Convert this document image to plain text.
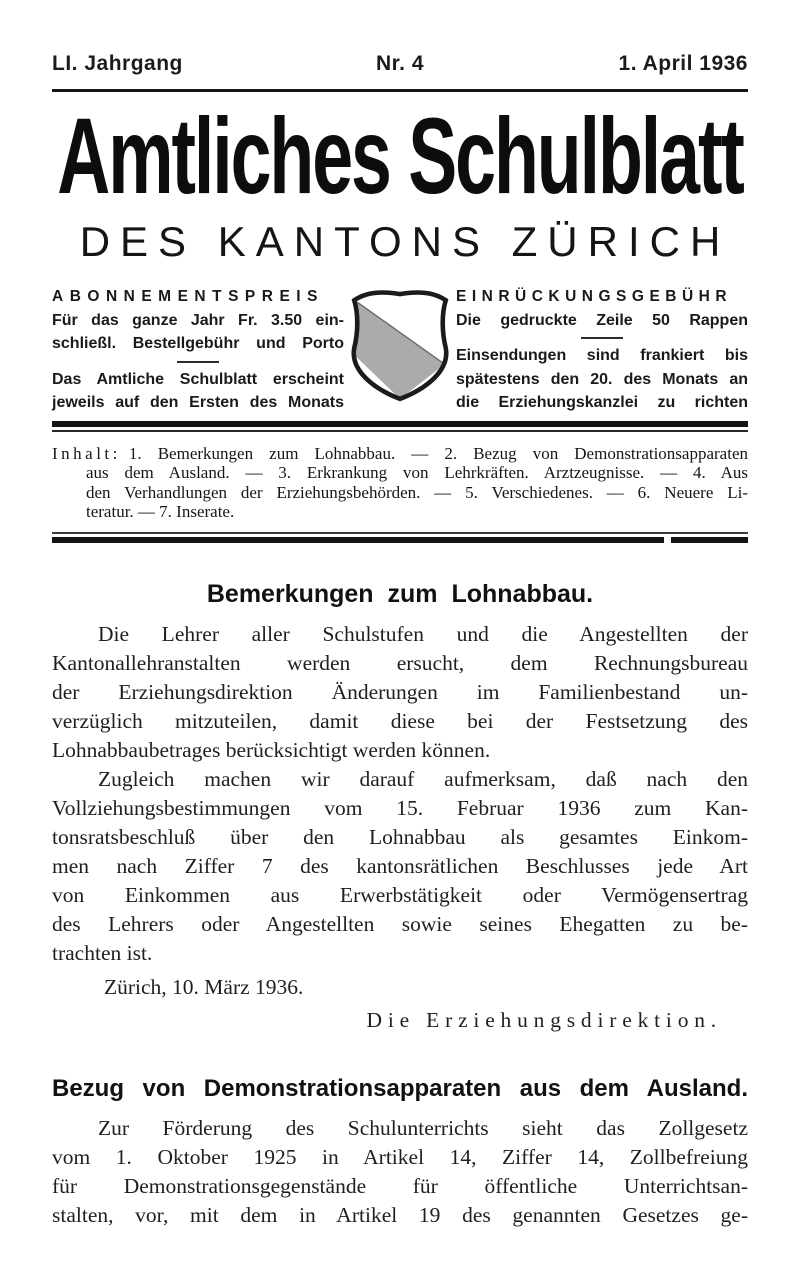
LI. Jahrgang	Nr. 4	1. April 1936
Amtliches Schulblatt
DES KANTONS ZÜRICH
ABONNEMENTSPREIS
Für das ganze Jahr Fr. 3.50 ein-
schließl. Bestellgebühr und Porto
Das Amtliche Schulblatt erscheint
jeweils auf den Ersten des Monats
EINRÜCKUNGSGEBÜHR
Die gedruckte Zeile 50 Rappen
Einsendungen sind frankiert bis
spätestens den 20. des Monats an
die Erziehungskanzlei zu richten
Inhalt: 1. Bemerkungen zum Lohnabbau. — 2. Bezug von Demonstrationsapparaten
aus dem Ausland. — 3. Erkrankung von Lehrkräften. Arztzeugnisse. — 4. Aus
den Verhandlungen der Erziehungsbehörden. — 5. Verschiedenes. — 6. Neuere Li-
teratur. — 7. Inserate.
Bemerkungen zum Lohnabbau.
Die Lehrer aller Schulstufen und die Angestellten der
Kantonallehranstalten werden ersucht, dem Rechnungsbureau
der Erziehungsdirektion Änderungen im Familienbestand un-
verzüglich mitzuteilen, damit diese bei der Festsetzung des
Lohnabbaubetrages berücksichtigt werden können.
Zugleich machen wir darauf aufmerksam, daß nach den
Vollziehungsbestimmungen vom 15. Februar 1936 zum Kan-
tonsratsbeschluß über den Lohnabbau als gesamtes Einkom-
men nach Ziffer 7 des kantonsrätlichen Beschlusses jede Art
von Einkommen aus Erwerbstätigkeit oder Vermögensertrag
des Lehrers oder Angestellten sowie seines Ehegatten zu be-
trachten ist.
Zürich, 10. März 1936.
Die Erziehungsdirektion.
Bezug von Demonstrationsapparaten aus dem Ausland.
Zur Förderung des Schulunterrichts sieht das Zollgesetz
vom 1. Oktober 1925 in Artikel 14, Ziffer 14, Zollbefreiung
für Demonstrationsgegenstände für öffentliche Unterrichtsan-
stalten, vor, mit dem in Artikel 19 des genannten Gesetzes ge-
